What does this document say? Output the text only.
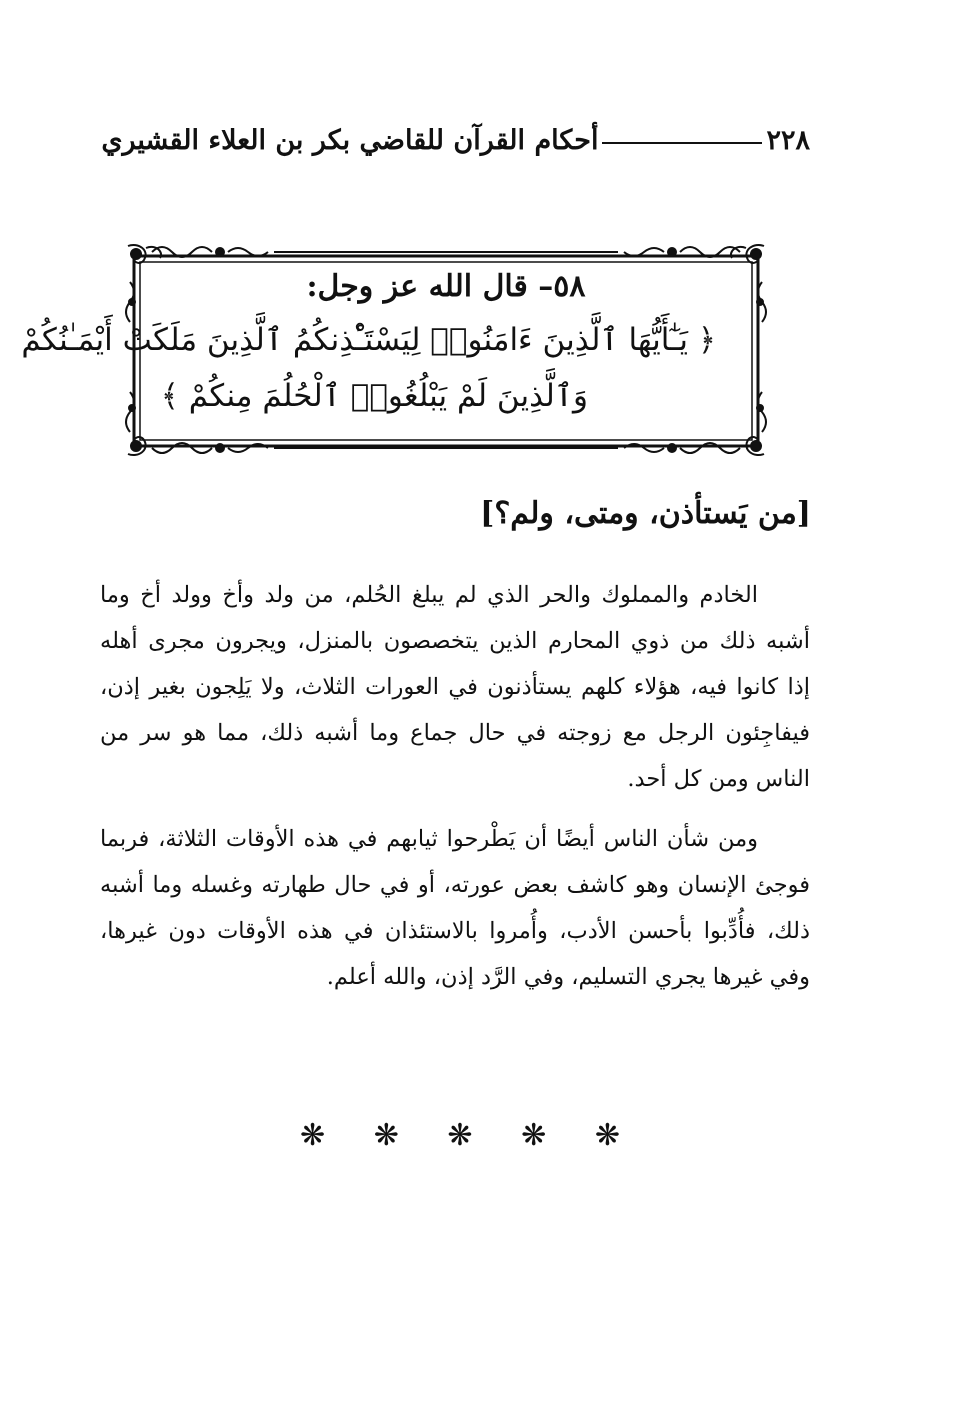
٢٢٨
أحكام القرآن للقاضي بكر بن العلاء القشيري

٥٨– قال الله عز وجل:

﴿ يَـٰٓأَيُّهَا ٱلَّذِينَ ءَامَنُوا۟ لِيَسْتَـْٔذِنكُمُ ٱلَّذِينَ مَلَكَتْ أَيْمَـٰنُكُمْ

وَٱلَّذِينَ لَمْ يَبْلُغُوا۟ ٱلْحُلُمَ مِنكُمْ ﴾

[من يَستأذن، ومتى، ولم؟]

الخادم والمملوك والحر الذي لم يبلغ الحُلم، من ولد وأخ وولد أخ وما
أشبه ذلك من ذوي المحارم الذين يتخصصون بالمنزل، ويجرون مجرى أهله
إذا كانوا فيه، هؤلاء كلهم يستأذنون في العورات الثلاث، ولا يَلِجون بغير إذن،
فيفاجِئون الرجل مع زوجته في حال جماع وما أشبه ذلك، مما هو سر من
الناس ومن كل أحد.

ومن شأن الناس أيضًا أن يَطْرحوا ثيابهم في هذه الأوقات الثلاثة، فربما
فوجئ الإنسان وهو كاشف بعض عورته، أو في حال طهارته وغسله وما أشبه
ذلك، فأُدِّبوا بأحسن الأدب، وأُمروا بالاستئذان في هذه الأوقات دون غيرها،
وفي غيرها يجري التسليم، وفي الرَّد إذن، والله أعلم.

❋ ❋ ❋ ❋ ❋
